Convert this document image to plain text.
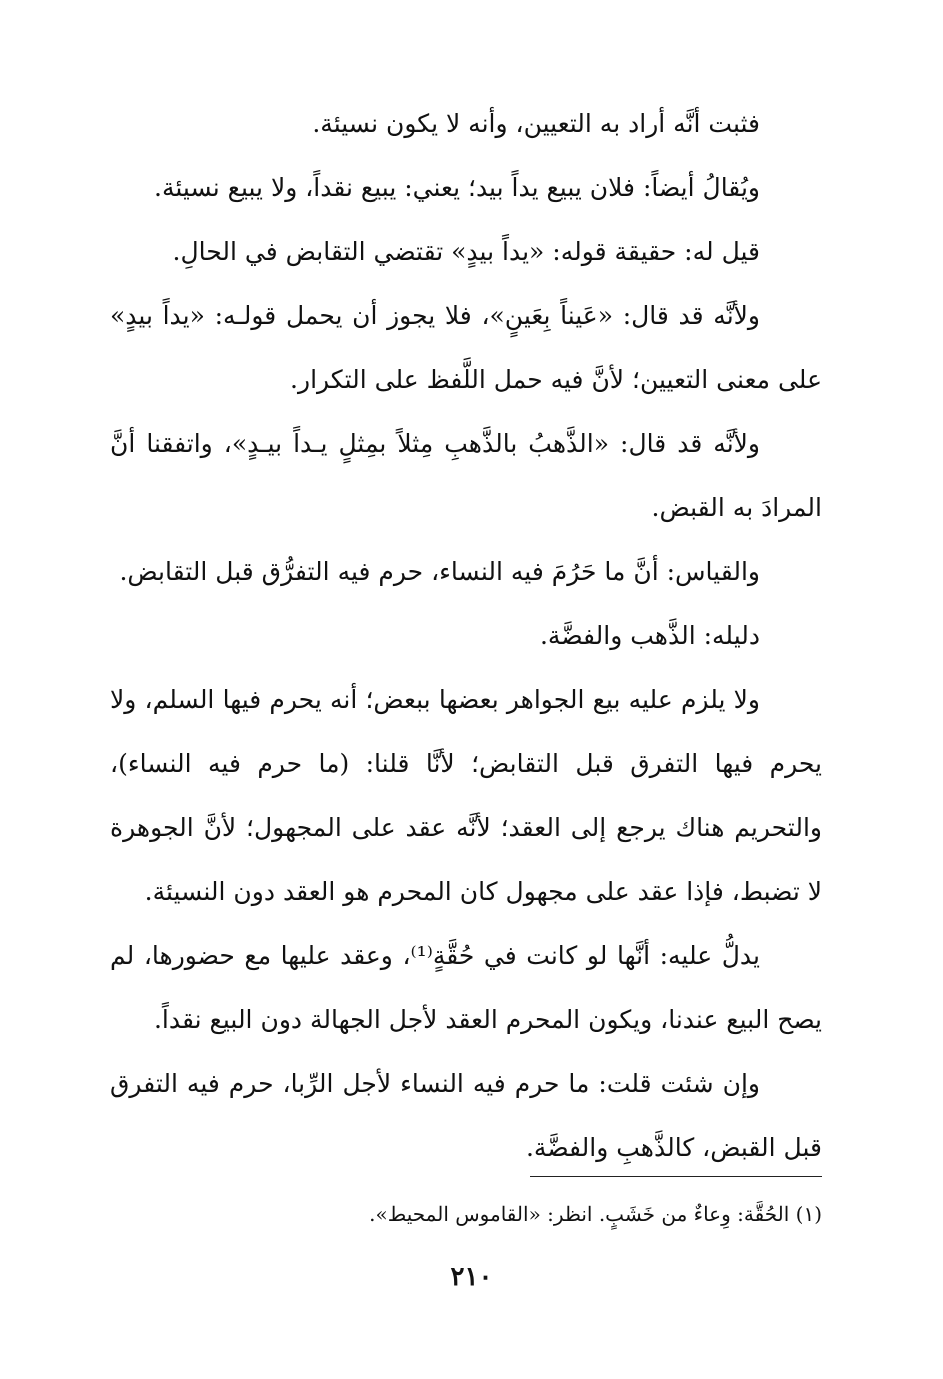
فثبت أنَّه أراد به التعيين، وأنه لا يكون نسيئة.

ويُقالُ أيضاً: فلان يبيع يداً بيد؛ يعني: يبيع نقداً، ولا يبيع نسيئة.

قيل له: حقيقة قوله: «يداً بيدٍ» تقتضي التقابض في الحالِ.

ولأنَّه قد قال: «عَيناً بِعَينٍ»، فلا يجوز أن يحمل قولـه: «يداً بيدٍ» على معنى التعيين؛ لأنَّ فيه حمل اللَّفظ على التكرار.

ولأنَّه قد قال: «الذَّهبُ بالذَّهبِ مِثلاً بمِثلٍ يـداً بيـدٍ»، واتفقنا أنَّ المرادَ به القبض.

والقياس: أنَّ ما حَرُمَ فيه النساء، حرم فيه التفرُّق قبل التقابض.

دليله: الذَّهب والفضَّة.

ولا يلزم عليه بيع الجواهر بعضها ببعض؛ أنه يحرم فيها السلم، ولا يحرم فيها التفرق قبل التقابض؛ لأنَّا قلنا: (ما حرم فيه النساء)، والتحريم هناك يرجع إلى العقد؛ لأنَّه عقد على المجهول؛ لأنَّ الجوهرة لا تضبط، فإذا عقد على مجهول كان المحرم هو العقد دون النسيئة.

يدلُّ عليه: أنَّها لو كانت في حُقَّةٍ⁽¹⁾، وعقد عليها مع حضورها، لم يصح البيع عندنا، ويكون المحرم العقد لأجل الجهالة دون البيع نقداً.

وإن شئت قلت: ما حرم فيه النساء لأجل الرِّبا، حرم فيه التفرق قبل القبض، كالذَّهبِ والفضَّة.

(١) الحُقَّة: وِعاءٌ من خَشَبٍ. انظر: «القاموس المحيط».

٢١٠
